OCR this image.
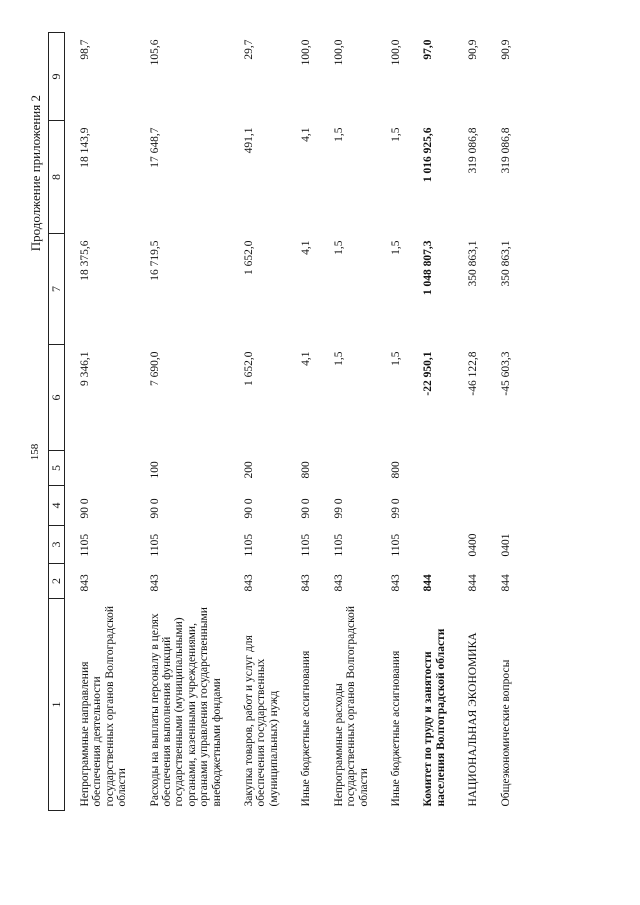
158
Продолжение приложения 2
1	2	3	4	5	6	7	8	9
Непрограммные направления обеспечения деятельности государственных органов Волгоградской области	843	1105	90 0		9 346,1	18 375,6	18 143,9	98,7
Расходы на выплаты персоналу в целях обеспечения выполнения функций государственными (муниципальными) органами, казенными учреждениями, органами управления государственными внебюджетными фондами	843	1105	90 0	100	7 690,0	16 719,5	17 648,7	105,6
Закупка товаров, работ и услуг для обеспечения государственных (муниципальных) нужд	843	1105	90 0	200	1 652,0	1 652,0	491,1	29,7
Иные бюджетные ассигнования	843	1105	90 0	800	4,1	4,1	4,1	100,0
Непрограммные расходы государственных органов Волгоградской области	843	1105	99 0		1,5	1,5	1,5	100,0
Иные бюджетные ассигнования	843	1105	99 0	800	1,5	1,5	1,5	100,0
Комитет по труду и занятости населения Волгоградской области	844				-22 950,1	1 048 807,3	1 016 925,6	97,0
НАЦИОНАЛЬНАЯ ЭКОНОМИКА	844	0400			-46 122,8	350 863,1	319 086,8	90,9
Общеэкономические вопросы	844	0401			-45 603,3	350 863,1	319 086,8	90,9
